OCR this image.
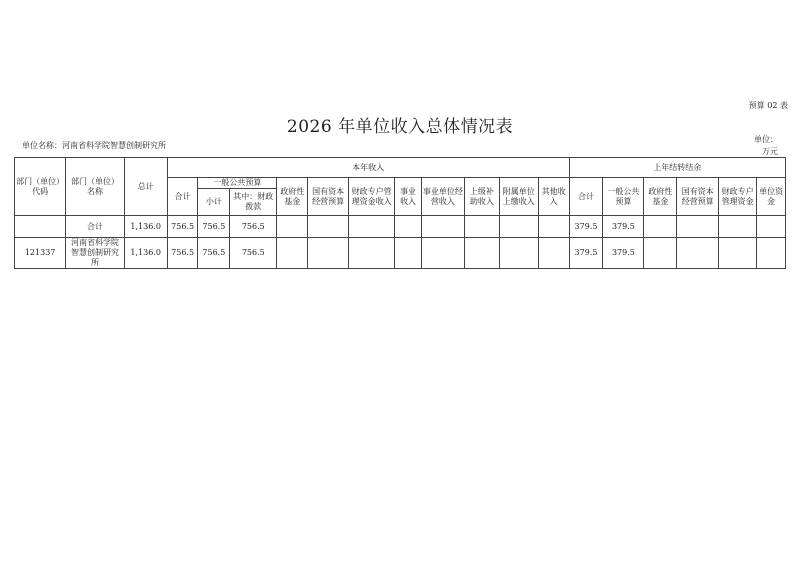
预算 02 表
2026 年单位收入总体情况表
单位名称：河南省科学院智慧创制研究所
单位：
万元
部门（单位）代码	部门（单位）名称	总计	本年收入											上年结转结余					
			合计	一般公共预算		政府性基金	国有资本经营预算	财政专户管理资金收入	事业收入	事业单位经营收入	上级补助收入	附属单位上缴收入	其他收入	合计	一般公共预算	政府性基金	国有资本经营预算	财政专户管理资金	单位资金
				小计	其中：财政拨款														
	合计	1,136.0	756.5	756.5	756.5									379.5	379.5				
121337	河南省科学院智慧创制研究所	1,136.0	756.5	756.5	756.5									379.5	379.5				
